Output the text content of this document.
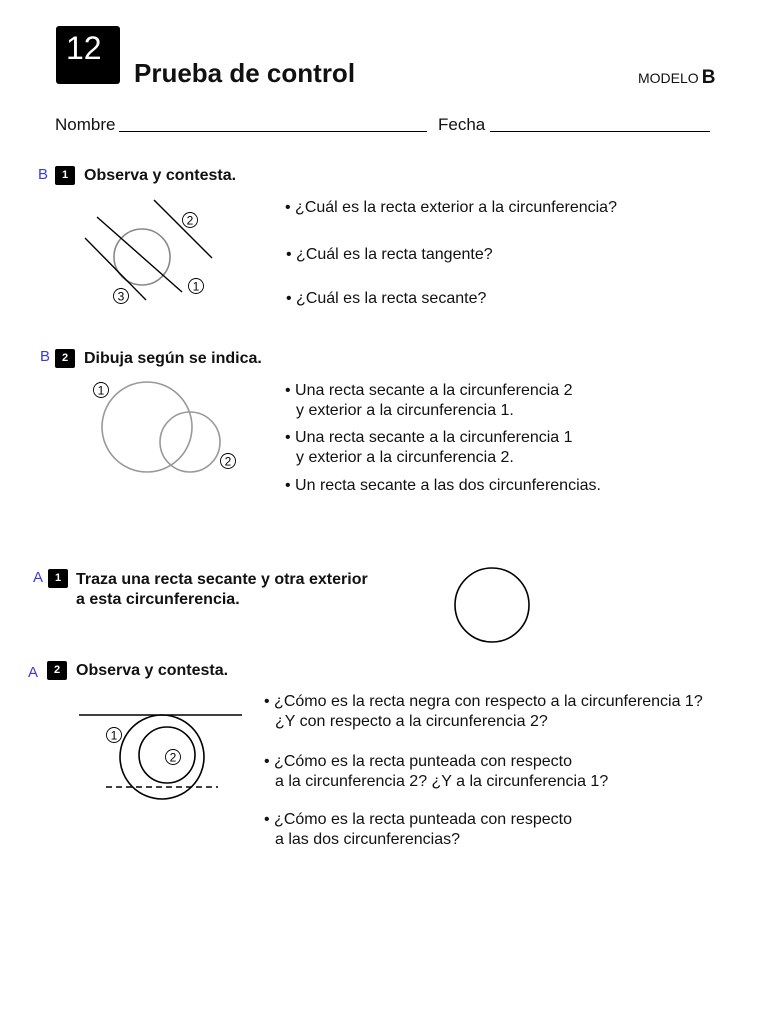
12
Prueba de control	MODELO B
Nombre	Fecha
B	1 Observa y contesta.
2
1
3
• ¿Cuál es la recta exterior a la circunferencia?
• ¿Cuál es la recta tangente?
• ¿Cuál es la recta secante?
B	2 Dibuja según se indica.
1
2
• Una recta secante a la circunferencia 2
y exterior a la circunferencia 1.
• Una recta secante a la circunferencia 1
y exterior a la circunferencia 2.
• Un recta secante a las dos circunferencias.
A	1 Traza una recta secante y otra exterior
a esta circunferencia.
A	2 Observa y contesta.
1
2
• ¿Cómo es la recta negra con respecto a la circunferencia 1?
¿Y con respecto a la circunferencia 2?
• ¿Cómo es la recta punteada con respecto
a la circunferencia 2? ¿Y a la circunferencia 1?
• ¿Cómo es la recta punteada con respecto
a las dos circunferencias?
